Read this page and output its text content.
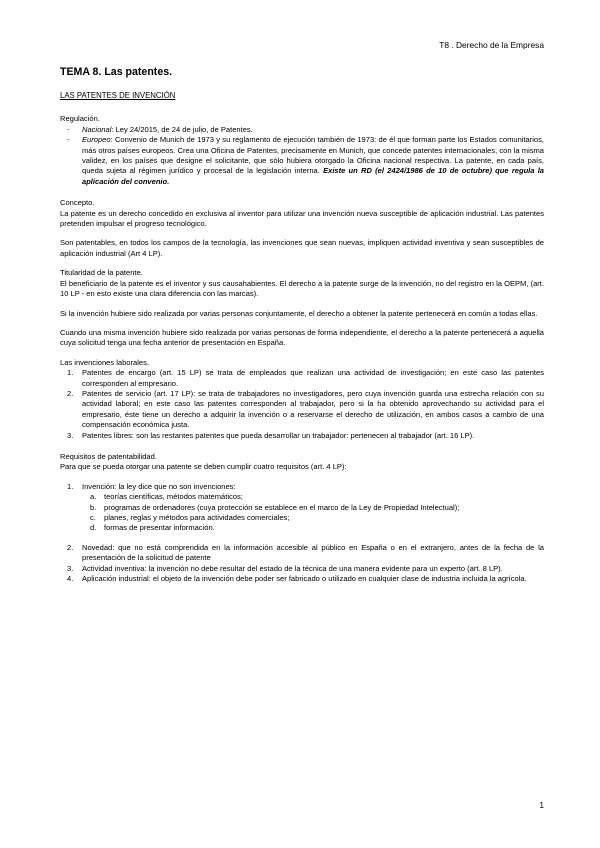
T8 . Derecho de la Empresa
TEMA 8. Las patentes.
LAS PATENTES DE INVENCIÓN
Regulación.
- Nacional: Ley 24/2015, de 24 de julio, de Patentes.
- Europeo: Convenio de Munich de 1973 y su reglamento de ejecución también de 1973: de él que forman parte los Estados comunitarios, más otros países europeos. Crea una Oficina de Patentes, precisamente en Munich, que concede patentes internacionales, con la misma validez, en los países que designe el solicitante, que sólo hubiera otorgado la Oficina nacional respectiva. La patente, en cada país, queda sujeta al régimen jurídico y procesal de la legislación interna. Existe un RD (el 2424/1986 de 10 de octubre) que regula la aplicación del convenio.
Concepto.

La patente es un derecho concedido en exclusiva al inventor para utilizar una invención nueva susceptible de aplicación industrial. Las patentes pretenden impulsar el progreso tecnológico.

Son patentables, en todos los campos de la tecnología, las invenciones que sean nuevas, impliquen actividad inventiva y sean susceptibles de aplicación industrial (Art 4 LP).

Titularidad de la patente.

El beneficiario de la patente es el inventor y sus causahabientes. El derecho a la patente surge de la invención, no del registro en la OEPM, (art. 10 LP - en esto existe una clara diferencia con las marcas).

Si la invención hubiere sido realizada por varias personas conjuntamente, el derecho a obtener la patente pertenecerá en común a todas ellas.

Cuando una misma invención hubiere sido realizada por varias personas de forma independiente, el derecho a la patente pertenecerá a aquella cuya solicitud tenga una fecha anterior de presentación en España.

Las invenciones laborales.
1. Patentes de encargo (art. 15 LP) se trata de empleados que realizan una actividad de investigación; en este caso las patentes corresponden al empresario.
2. Patentes de servicio (art. 17 LP): se trata de trabajadores no investigadores, pero cuya invención guarda una estrecha relación con su actividad laboral; en este caso las patentes corresponden al trabajador, pero si la ha obtenido aprovechando su actividad para el empresario, éste tiene un derecho a adquirir la invención o a reservarse el derecho de utilización, en ambos casos a cambio de una compensación económica justa.
3. Patentes libres: son las restantes patentes que pueda desarrollar un trabajador: pertenecen al trabajador (art. 16 LP).
Requisitos de patentabilidad.

Para que se pueda otorgar una patente se deben cumplir cuatro requisitos (art. 4 LP):

1. Invención: la ley dice que no son invenciones:
a. teorías científicas, métodos matemáticos;
b. programas de ordenadores (cuya protección se establece en el marco de la Ley de Propiedad Intelectual);
c. planes, reglas y métodos para actividades comerciales;
d. formas de presentar información.
2. Novedad: que no está comprendida en la información accesible al público en España o en el extranjero, antes de la fecha de la presentación de la solicitud de patente
3. Actividad inventiva: la invención no debe resultar del estado de la técnica de una manera evidente para un experto (art. 8 LP).
4. Aplicación industrial: el objeto de la invención debe poder ser fabricado o utilizado en cualquier clase de industria incluida la agrícola.
1
